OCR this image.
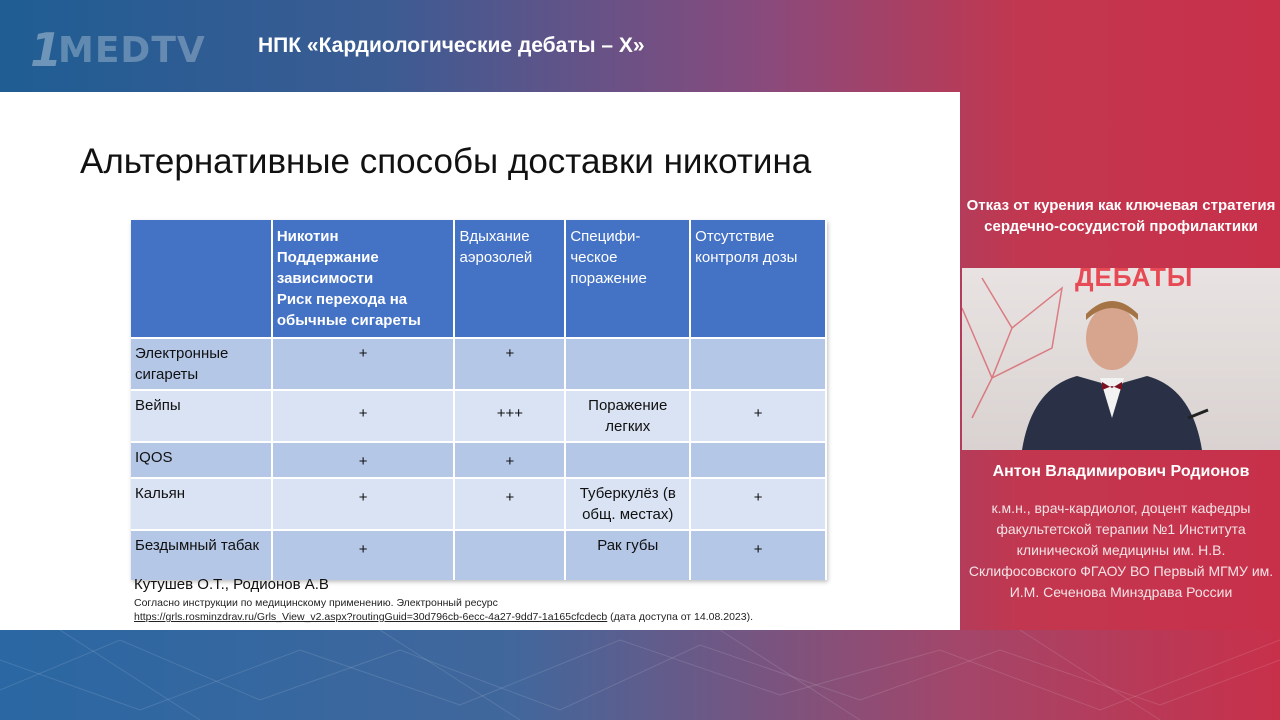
1
MEDTV НПК «Кардиологические дебаты – X»
Альтернативные способы доставки никотина
	Никотин
Поддержание зависимости
Риск перехода на обычные сигареты	Вдыхание аэрозолей	Специфи-
ческое поражение	Отсутствие контроля дозы
Электронные сигареты	+	+		
Вейпы	+	+++	Поражение легких	+
IQOS	+	+		
Кальян	+	+	Туберкулёз (в общ. местах)	+
Бездымный табак	+		Рак губы	+
Кутушев О.Т., Родионов А.В
Согласно инструкции по медицинскому применению. Электронный ресурс
https://grls.rosminzdrav.ru/Grls_View_v2.aspx?routingGuid=30d796cb-6ecc-4a27-9dd7-1a165cfcdecb (дата доступа от 14.08.2023).
Отказ от курения как ключевая стратегия сердечно-сосудистой профилактики
ДЕБАТЫ
Антон Владимирович Родионов
к.м.н., врач-кардиолог, доцент кафедры факультетской терапии №1 Института клинической медицины им. Н.В. Склифосовского ФГАОУ ВО Первый МГМУ им. И.М. Сеченова Минздрава России
